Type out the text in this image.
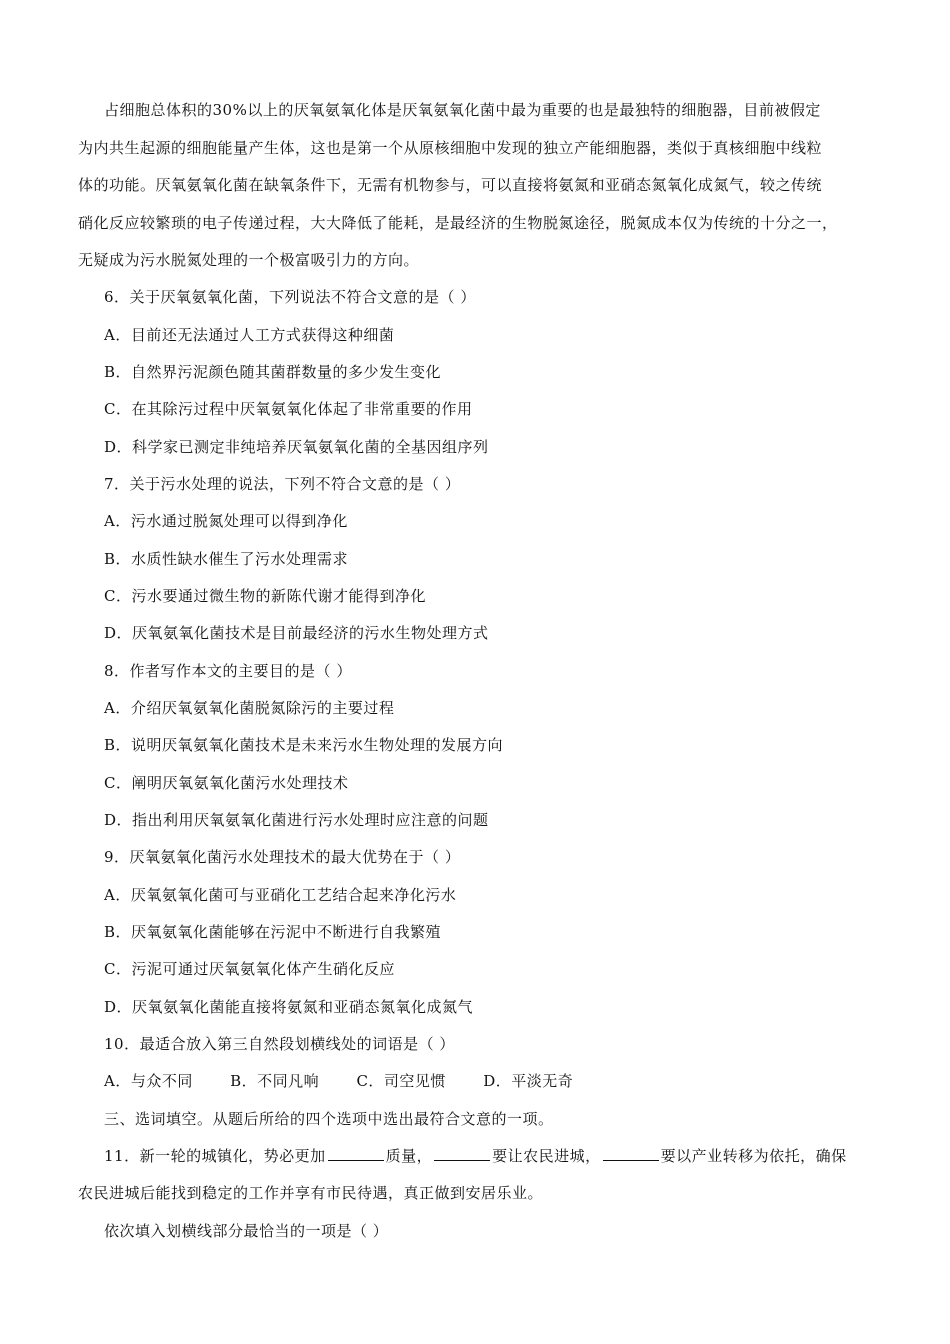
占细胞总体积的30%以上的厌氧氨氧化体是厌氧氨氧化菌中最为重要的也是最独特的细胞器，目前被假定
为内共生起源的细胞能量产生体，这也是第一个从原核细胞中发现的独立产能细胞器，类似于真核细胞中线粒
体的功能。厌氧氨氧化菌在缺氧条件下，无需有机物参与，可以直接将氨氮和亚硝态氮氧化成氮气，较之传统
硝化反应较繁琐的电子传递过程，大大降低了能耗，是最经济的生物脱氮途径，脱氮成本仅为传统的十分之一，
无疑成为污水脱氮处理的一个极富吸引力的方向。
6．关于厌氧氨氧化菌，下列说法不符合文意的是（ ）
A．目前还无法通过人工方式获得这种细菌
B．自然界污泥颜色随其菌群数量的多少发生变化
C．在其除污过程中厌氧氨氧化体起了非常重要的作用
D．科学家已测定非纯培养厌氧氨氧化菌的全基因组序列
7．关于污水处理的说法，下列不符合文意的是（ ）
A．污水通过脱氮处理可以得到净化
B．水质性缺水催生了污水处理需求
C．污水要通过微生物的新陈代谢才能得到净化
D．厌氧氨氧化菌技术是目前最经济的污水生物处理方式
8．作者写作本文的主要目的是（ ）
A．介绍厌氧氨氧化菌脱氮除污的主要过程
B．说明厌氧氨氧化菌技术是未来污水生物处理的发展方向
C．阐明厌氧氨氧化菌污水处理技术
D．指出利用厌氧氨氧化菌进行污水处理时应注意的问题
9．厌氧氨氧化菌污水处理技术的最大优势在于（ ）
A．厌氧氨氧化菌可与亚硝化工艺结合起来净化污水
B．厌氧氨氧化菌能够在污泥中不断进行自我繁殖
C．污泥可通过厌氧氨氧化体产生硝化反应
D．厌氧氨氧化菌能直接将氨氮和亚硝态氮氧化成氮气
10．最适合放入第三自然段划横线处的词语是（ ）
A．与众不同 B．不同凡响 C．司空见惯 D．平淡无奇
三、选词填空。从题后所给的四个选项中选出最符合文意的一项。
11．新一轮的城镇化，势必更加	质量，	要让农民进城，	要以产业转移为依托，确保
农民进城后能找到稳定的工作并享有市民待遇，真正做到安居乐业。
依次填入划横线部分最恰当的一项是（ ）
